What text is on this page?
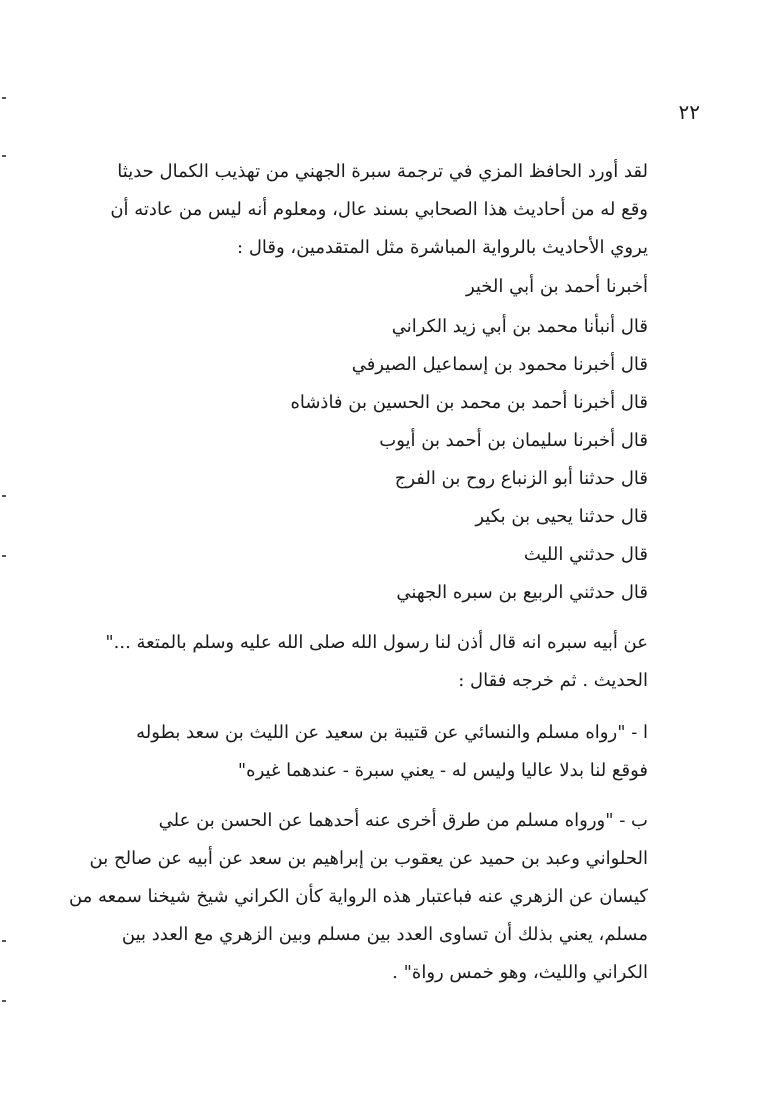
٢٢
لقد أورد الحافظ المزي في ترجمة سبرة الجهني من تهذيب الكمال حديثا
وقع له من أحاديث هذا الصحابي بسند عال، ومعلوم أنه ليس من عادته أن
يروي الأحاديث بالرواية المباشرة مثل المتقدمين، وقال :
أخبرنا أحمد بن أبي الخير
قال أنبأنا محمد بن أبي زيد الكراني
قال أخبرنا محمود بن إسماعيل الصيرفي
قال أخبرنا أحمد بن محمد بن الحسين بن فاذشاه
قال أخبرنا سليمان بن أحمد بن أيوب
قال حدثنا أبو الزنباع روح بن الفرج
قال حدثنا يحيى بن بكير
قال حدثني الليث
قال حدثني الربيع بن سبره الجهني
عن أبيه سبره انه قال أذن لنا رسول الله صلى الله عليه وسلم بالمتعة ..."
الحديث . ثم خرجه فقال :
ا - "رواه مسلم والنسائي عن قتيبة بن سعيد عن الليث بن سعد بطوله
فوقع لنا بدلا عاليا وليس له - يعني سبرة - عندهما غيره"
ب - "ورواه مسلم من طرق أخرى عنه أحدهما عن الحسن بن علي
الحلواني وعبد بن حميد عن يعقوب بن إبراهيم بن سعد عن أبيه عن صالح بن
كيسان عن الزهري عنه فباعتبار هذه الرواية كأن الكراني شيخ شيخنا سمعه من
مسلم، يعني بذلك أن تساوى العدد بين مسلم وبين الزهري مع العدد بين
الكراني والليث، وهو خمس رواة" .
